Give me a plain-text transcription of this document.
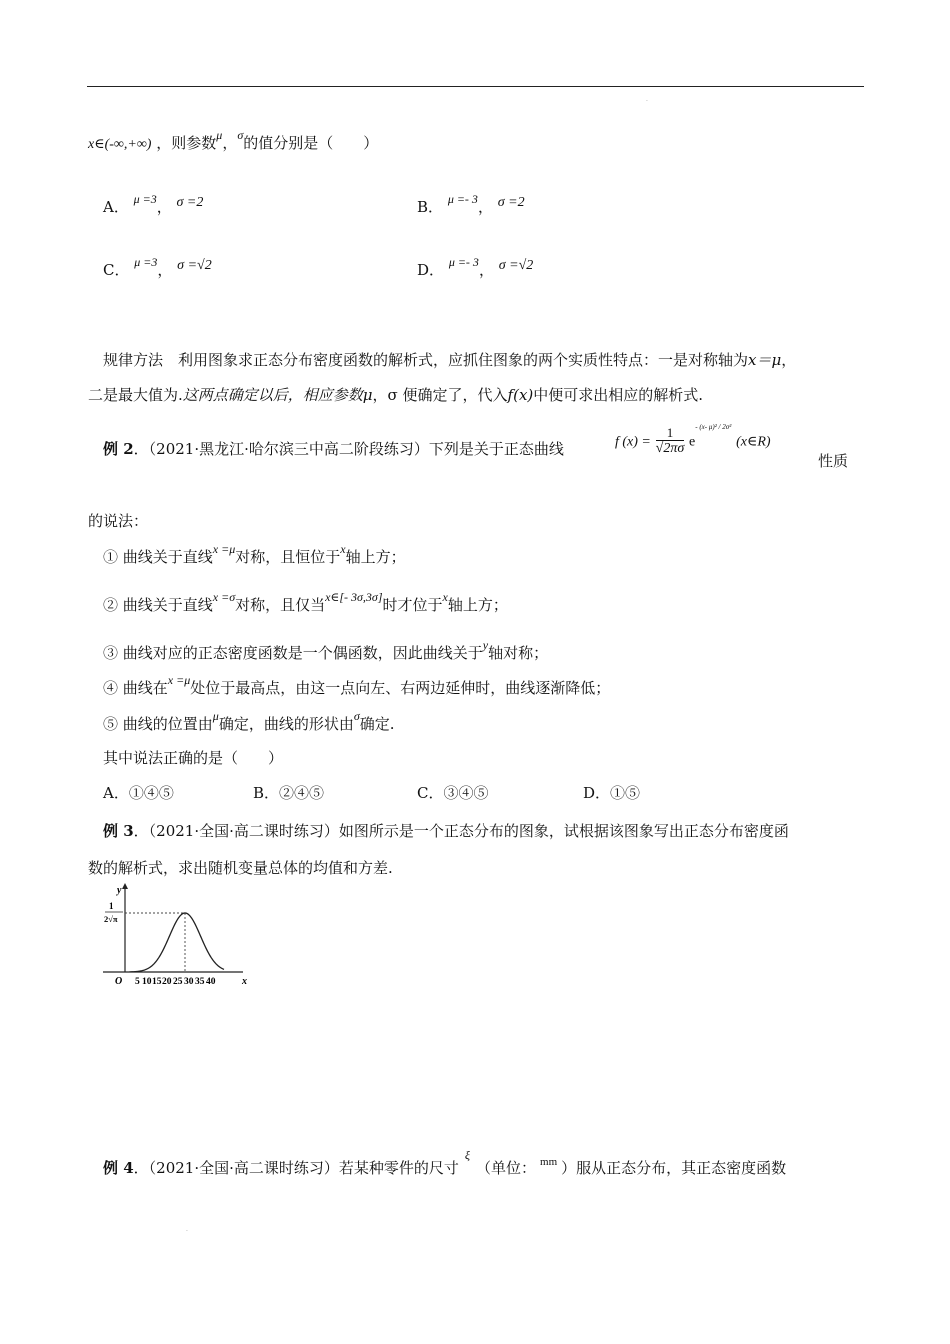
.
x∈(-∞,+∞) ，则参数$^\mu$，$^\sigma$的值分别是（　　）
A． $^{\mu =3}$， σ =2	B． $^{\mu =- 3}$， σ =2
C． $^{\mu =3}$， σ =√2	D． $^{\mu =- 3}$， σ =√2
规律方法　利用图象求正态分布密度函数的解析式，应抓住图象的两个实质性特点：一是对称轴为x＝μ，
二是最大值为.这两点确定以后，相应参数μ，σ 便确定了，代入f(x)中便可求出相应的解析式.
例 2．（2021·黑龙江·哈尔滨三中高二阶段练习）下列是关于正态曲线	f $(x) = \frac{1}{√2\pi\sigma} e^{- (x- \mu)^2 / 2\sigma^2}$ (x∈R)
性质
的说法：
① 曲线关于直线$^{x =\mu}$对称，且恒位于$^x$轴上方；
② 曲线关于直线$^{x =\sigma}$对称，且仅当$^{x\in[- 3\sigma,3\sigma]}$时才位于$^x$轴上方；
③ 曲线对应的正态密度函数是一个偶函数，因此曲线关于$^y$轴对称；
④ 曲线在$^{x =\mu}$处位于最高点，由这一点向左、右两边延伸时，曲线逐渐降低；
⑤ 曲线的位置由$^\mu$确定，曲线的形状由$^\sigma$确定.
其中说法正确的是（　　）
A．①④⑤	B．②④⑤	C．③④⑤	D．①⑤
例 3．（2021·全国·高二课时练习）如图所示是一个正态分布的图象，试根据该图象写出正态分布密度函
数的解析式，求出随机变量总体的均值和方差.
y
O	x
1
2√π
5 10 15 20 25 30 35 40
例 4．（2021·全国·高二课时练习）若某种零件的尺寸$^\xi$（单位： $^{mm}$ ）服从正态分布，其正态密度函数
.
